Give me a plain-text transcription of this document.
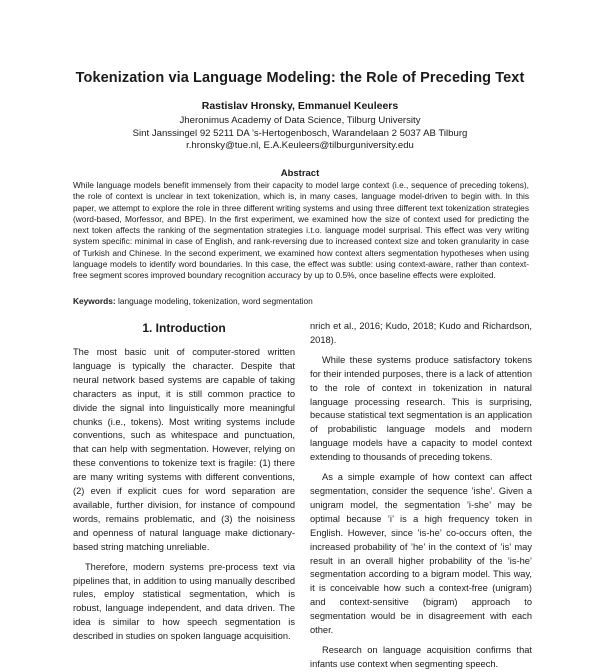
Tokenization via Language Modeling: the Role of Preceding Text
Rastislav Hronsky, Emmanuel Keuleers
Jheronimus Academy of Data Science, Tilburg University
Sint Janssingel 92 5211 DA ’s-Hertogenbosch, Warandelaan 2 5037 AB Tilburg
r.hronsky@tue.nl, E.A.Keuleers@tilburguniversity.edu
Abstract
While language models benefit immensely from their capacity to model large context (i.e., sequence of preceding tokens), the role of context is unclear in text tokenization, which is, in many cases, language model-driven to begin with. In this paper, we attempt to explore the role in three different writing systems and using three different text tokenization strategies (word-based, Morfessor, and BPE). In the first experiment, we examined how the size of context used for predicting the next token affects the ranking of the segmentation strategies i.t.o. language model surprisal. This effect was very writing system specific: minimal in case of English, and rank-reversing due to increased context size and token granularity in case of Turkish and Chinese. In the second experiment, we examined how context alters segmentation hypotheses when using language models to identify word boundaries. In this case, the effect was subtle: using context-aware, rather than context-free segment scores improved boundary recognition accuracy by up to 0.5%, once baseline effects were exploited.
Keywords: language modeling, tokenization, word segmentation
1. Introduction

The most basic unit of computer-stored written language is typically the character. Despite that neural network based systems are capable of taking characters as input, it is still common practice to divide the signal into linguistically more meaningful chunks (i.e., tokens). Most writing systems include conventions, such as whitespace and punctuation, that can help with segmentation. However, relying on these conventions to tokenize text is fragile: (1) there are many writing systems with different conventions, (2) even if explicit cues for word separation are available, further division, for instance of compound words, remains problematic, and (3) the noisiness and openness of natural language make dictionary-based string matching unreliable.

Therefore, modern systems pre-process text via pipelines that, in addition to using manually described rules, employ statistical segmentation, which is robust, language independent, and data driven. The idea is similar to how speech segmentation is described in studies on spoken language acquisition.

nrich et al., 2016; Kudo, 2018; Kudo and Richardson, 2018).

While these systems produce satisfactory tokens for their intended purposes, there is a lack of attention to the role of context in tokenization in natural language processing research. This is surprising, because statistical text segmentation is an application of probabilistic language models and modern language models have a capacity to model context extending to thousands of preceding tokens.

As a simple example of how context can affect segmentation, consider the sequence ’ishe’. Given a unigram model, the segmentation ’i-she’ may be optimal because ’i’ is a high frequency token in English. However, since ’is-he’ co-occurs often, the increased probability of ’he’ in the context of ’is’ may result in an overall higher probability of the ’is-he’ segmentation according to a bigram model. This way, it is conceivable how such a context-free (unigram) and context-sensitive (bigram) approach to segmentation would be in disagreement with each other.

Research on language acquisition confirms that infants use context when segmenting speech.
